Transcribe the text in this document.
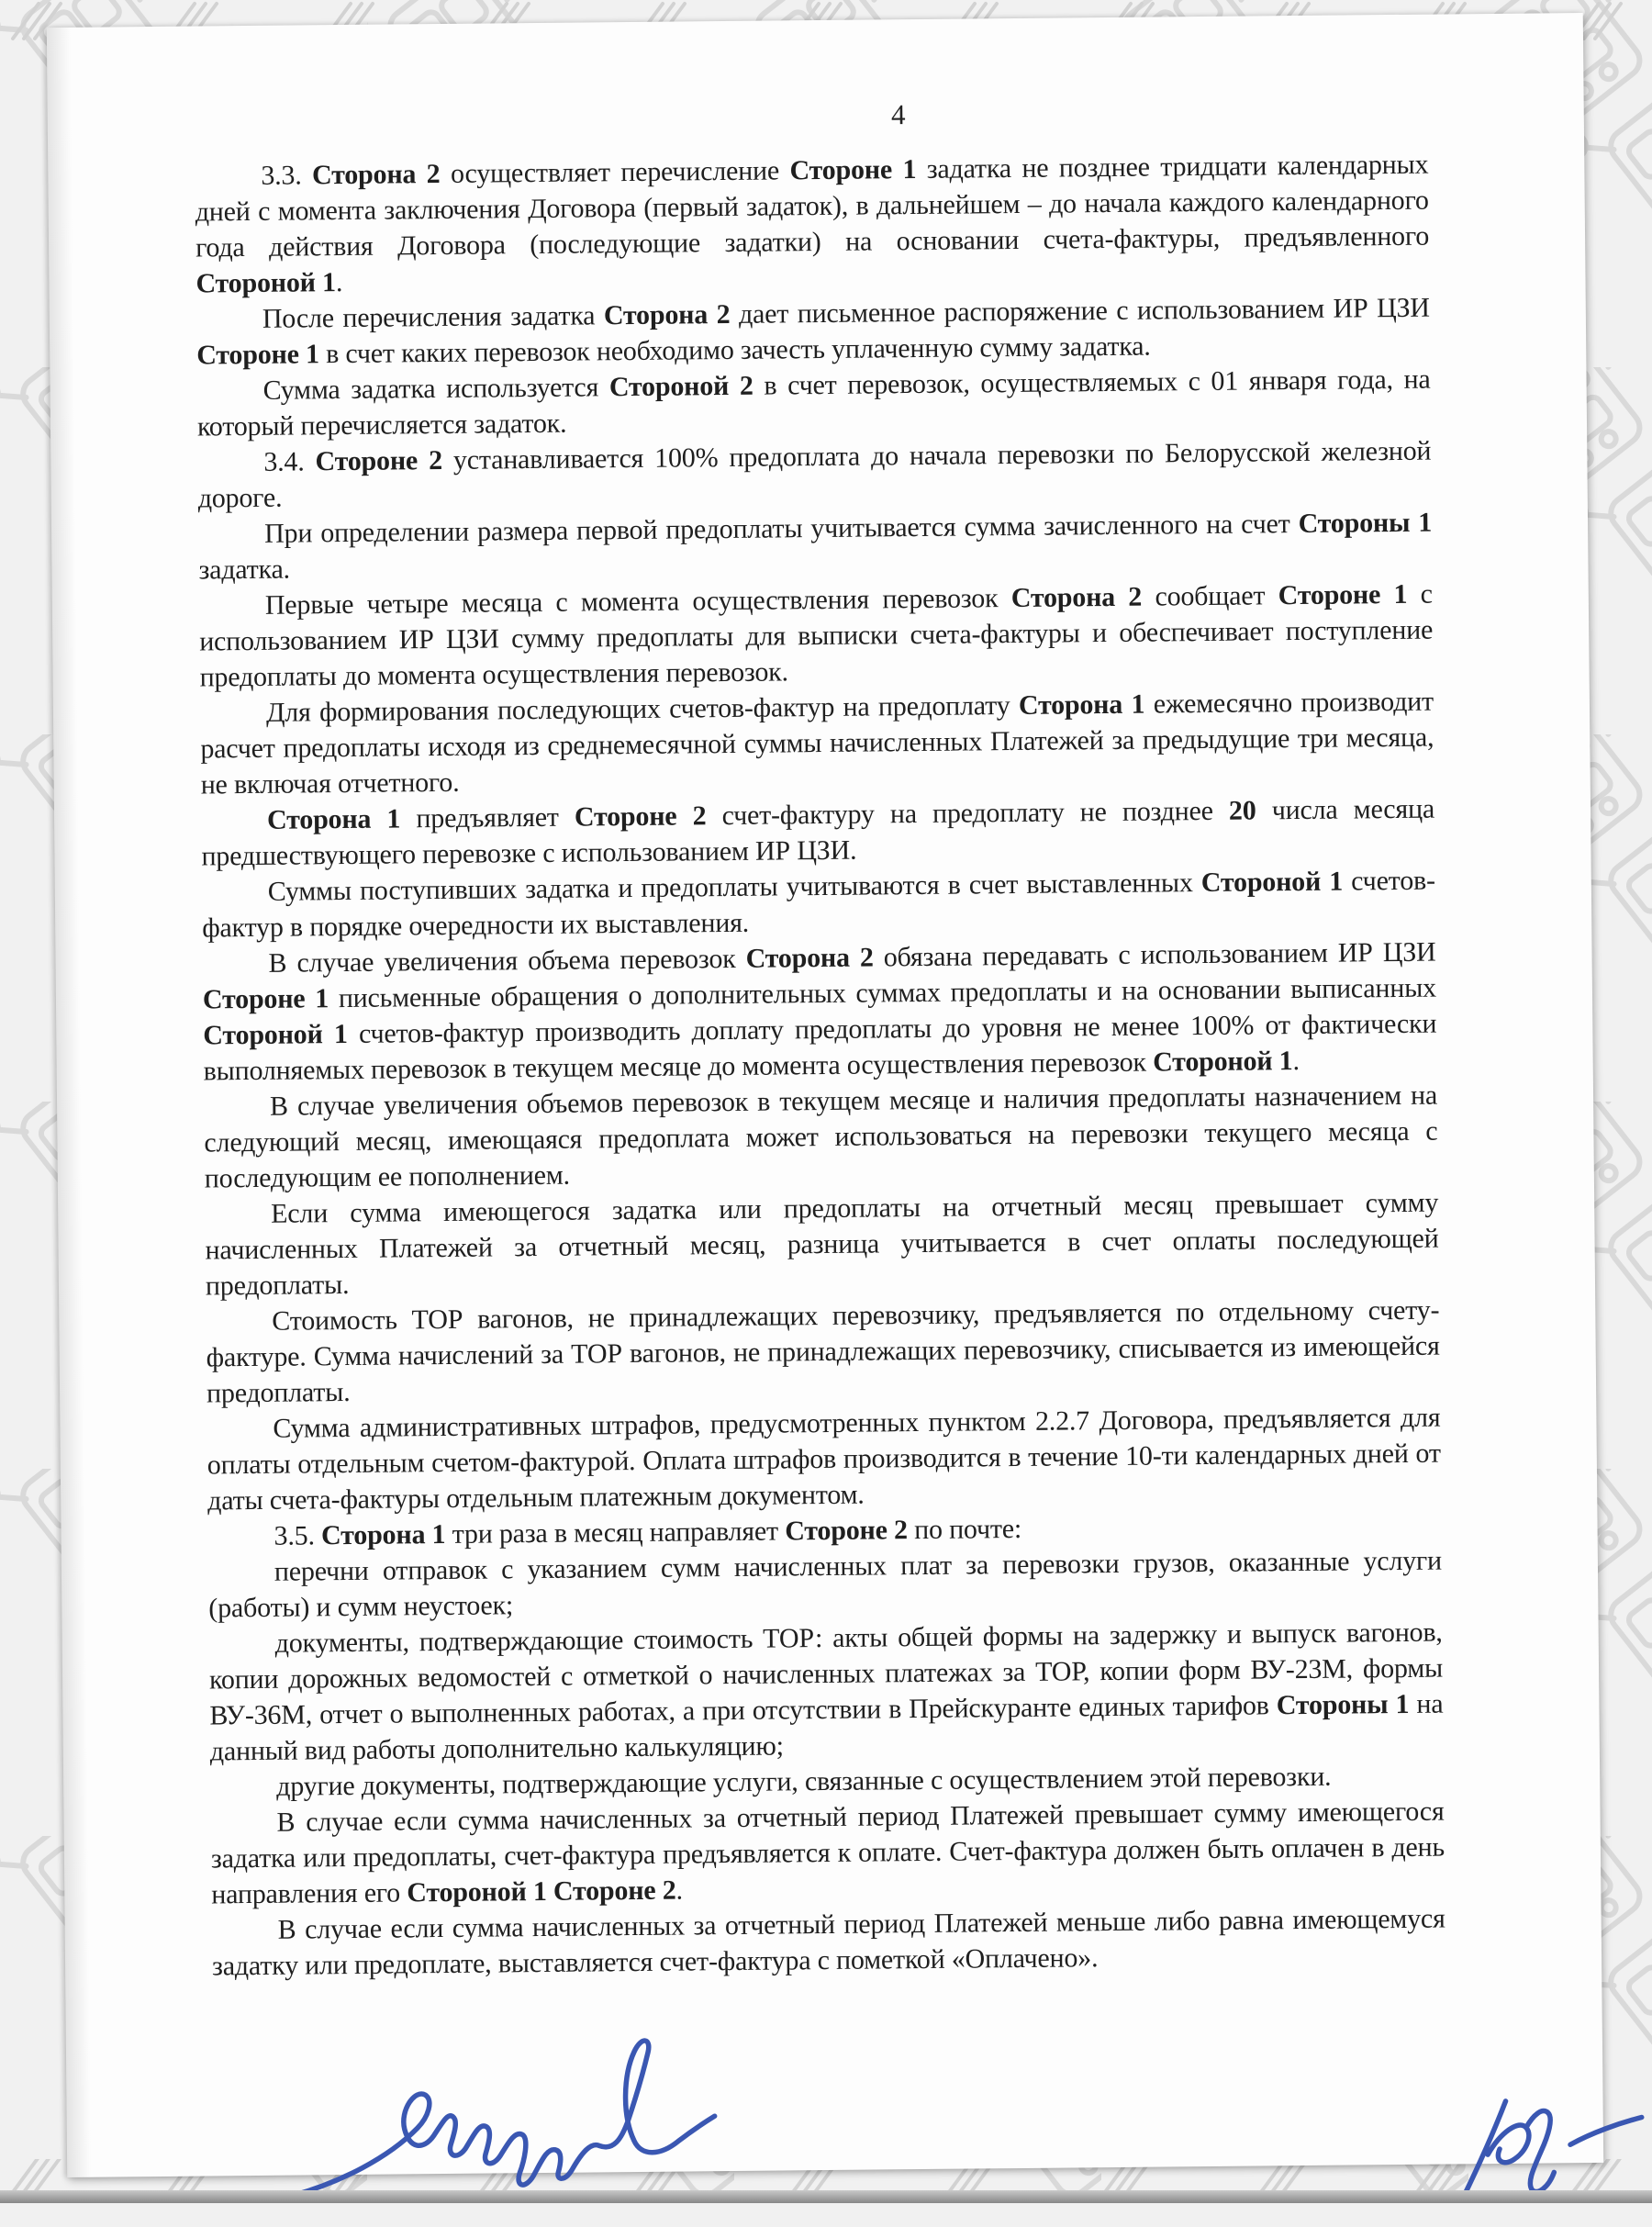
4

3.3. Сторона 2 осуществляет перечисление Стороне 1 задатка не позднее тридцати календарных дней с момента заключения Договора (первый задаток), в дальнейшем – до начала каждого календарного года действия Договора (последующие задатки) на основании счета-фактуры, предъявленного Стороной 1.

После перечисления задатка Сторона 2 дает письменное распоряжение с использованием ИР ЦЗИ Стороне 1 в счет каких перевозок необходимо зачесть уплаченную сумму задатка.

Сумма задатка используется Стороной 2 в счет перевозок, осуществляемых с 01 января года, на который перечисляется задаток.

3.4. Стороне 2 устанавливается 100% предоплата до начала перевозки по Белорусской железной дороге.

При определении размера первой предоплаты учитывается сумма зачисленного на счет Стороны 1 задатка.

Первые четыре месяца с момента осуществления перевозок Сторона 2 сообщает Стороне 1 с использованием ИР ЦЗИ сумму предоплаты для выписки счета-фактуры и обеспечивает поступление предоплаты до момента осуществления перевозок.

Для формирования последующих счетов-фактур на предоплату Сторона 1 ежемесячно производит расчет предоплаты исходя из среднемесячной суммы начисленных Платежей за предыдущие три месяца, не включая отчетного.

Сторона 1 предъявляет Стороне 2 счет-фактуру на предоплату не позднее 20 числа месяца предшествующего перевозке с использованием ИР ЦЗИ.

Суммы поступивших задатка и предоплаты учитываются в счет выставленных Стороной 1 счетов-фактур в порядке очередности их выставления.

В случае увеличения объема перевозок Сторона 2 обязана передавать с использованием ИР ЦЗИ Стороне 1 письменные обращения о дополнительных суммах предоплаты и на основании выписанных Стороной 1 счетов-фактур производить доплату предоплаты до уровня не менее 100% от фактически выполняемых перевозок в текущем месяце до момента осуществления перевозок Стороной 1.

В случае увеличения объемов перевозок в текущем месяце и наличия предоплаты назначением на следующий месяц, имеющаяся предоплата может использоваться на перевозки текущего месяца с последующим ее пополнением.

Если сумма имеющегося задатка или предоплаты на отчетный месяц превышает сумму начисленных Платежей за отчетный месяц, разница учитывается в счет оплаты последующей предоплаты.

Стоимость ТОР вагонов, не принадлежащих перевозчику, предъявляется по отдельному счету-фактуре. Сумма начислений за ТОР вагонов, не принадлежащих перевозчику, списывается из имеющейся предоплаты.

Сумма административных штрафов, предусмотренных пунктом 2.2.7 Договора, предъявляется для оплаты отдельным счетом-фактурой. Оплата штрафов производится в течение 10-ти календарных дней от даты счета-фактуры отдельным платежным документом.

3.5. Сторона 1 три раза в месяц направляет Стороне 2 по почте:

перечни отправок с указанием сумм начисленных плат за перевозки грузов, оказанные услуги (работы) и сумм неустоек;

документы, подтверждающие стоимость ТОР: акты общей формы на задержку и выпуск вагонов, копии дорожных ведомостей с отметкой о начисленных платежах за ТОР, копии форм ВУ-23М, формы ВУ-36М, отчет о выполненных работах, а при отсутствии в Прейскуранте единых тарифов Стороны 1 на данный вид работы дополнительно калькуляцию;

другие документы, подтверждающие услуги, связанные с осуществлением этой перевозки.

В случае если сумма начисленных за отчетный период Платежей превышает сумму имеющегося задатка или предоплаты, счет-фактура предъявляется к оплате. Счет-фактура должен быть оплачен в день направления его Стороной 1 Стороне 2.

В случае если сумма начисленных за отчетный период Платежей меньше либо равна имеющемуся задатку или предоплате, выставляется счет-фактура с пометкой «Оплачено».
